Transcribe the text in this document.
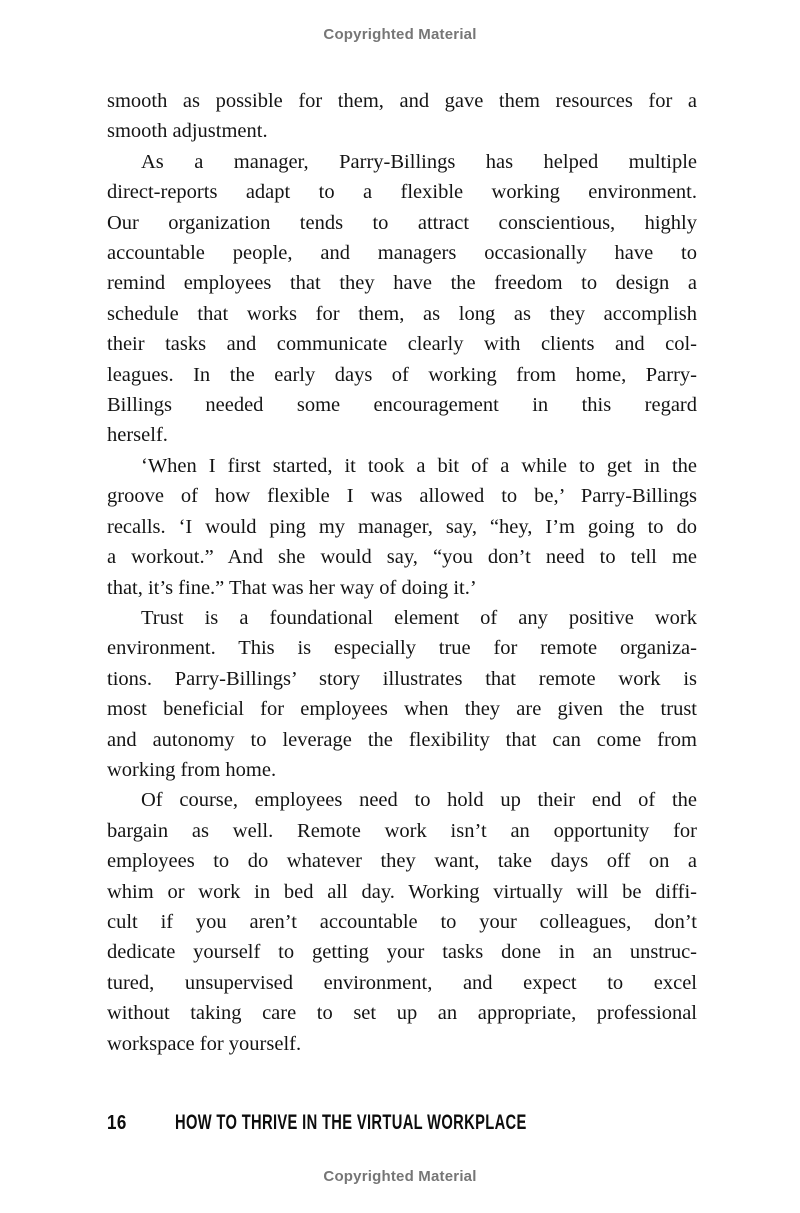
Copyrighted Material

smooth as possible for them, and gave them resources for a
smooth adjustment.

As a manager, Parry-Billings has helped multiple
direct-reports adapt to a flexible working environment.
Our organization tends to attract conscientious, highly
accountable people, and managers occasionally have to
remind employees that they have the freedom to design a
schedule that works for them, as long as they accomplish
their tasks and communicate clearly with clients and col-
leagues. In the early days of working from home, Parry-
Billings needed some encouragement in this regard
herself.

‘When I first started, it took a bit of a while to get in the
groove of how flexible I was allowed to be,’ Parry-Billings
recalls. ‘I would ping my manager, say, “hey, I’m going to do
a workout.” And she would say, “you don’t need to tell me
that, it’s fine.” That was her way of doing it.’

Trust is a foundational element of any positive work
environment. This is especially true for remote organiza-
tions. Parry-Billings’ story illustrates that remote work is
most beneficial for employees when they are given the trust
and autonomy to leverage the flexibility that can come from
working from home.

Of course, employees need to hold up their end of the
bargain as well. Remote work isn’t an opportunity for
employees to do whatever they want, take days off on a
whim or work in bed all day. Working virtually will be diffi-
cult if you aren’t accountable to your colleagues, don’t
dedicate yourself to getting your tasks done in an unstruc-
tured, unsupervised environment, and expect to excel
without taking care to set up an appropriate, professional
workspace for yourself.

16 HOW TO THRIVE IN THE VIRTUAL WORKPLACE
Copyrighted Material
